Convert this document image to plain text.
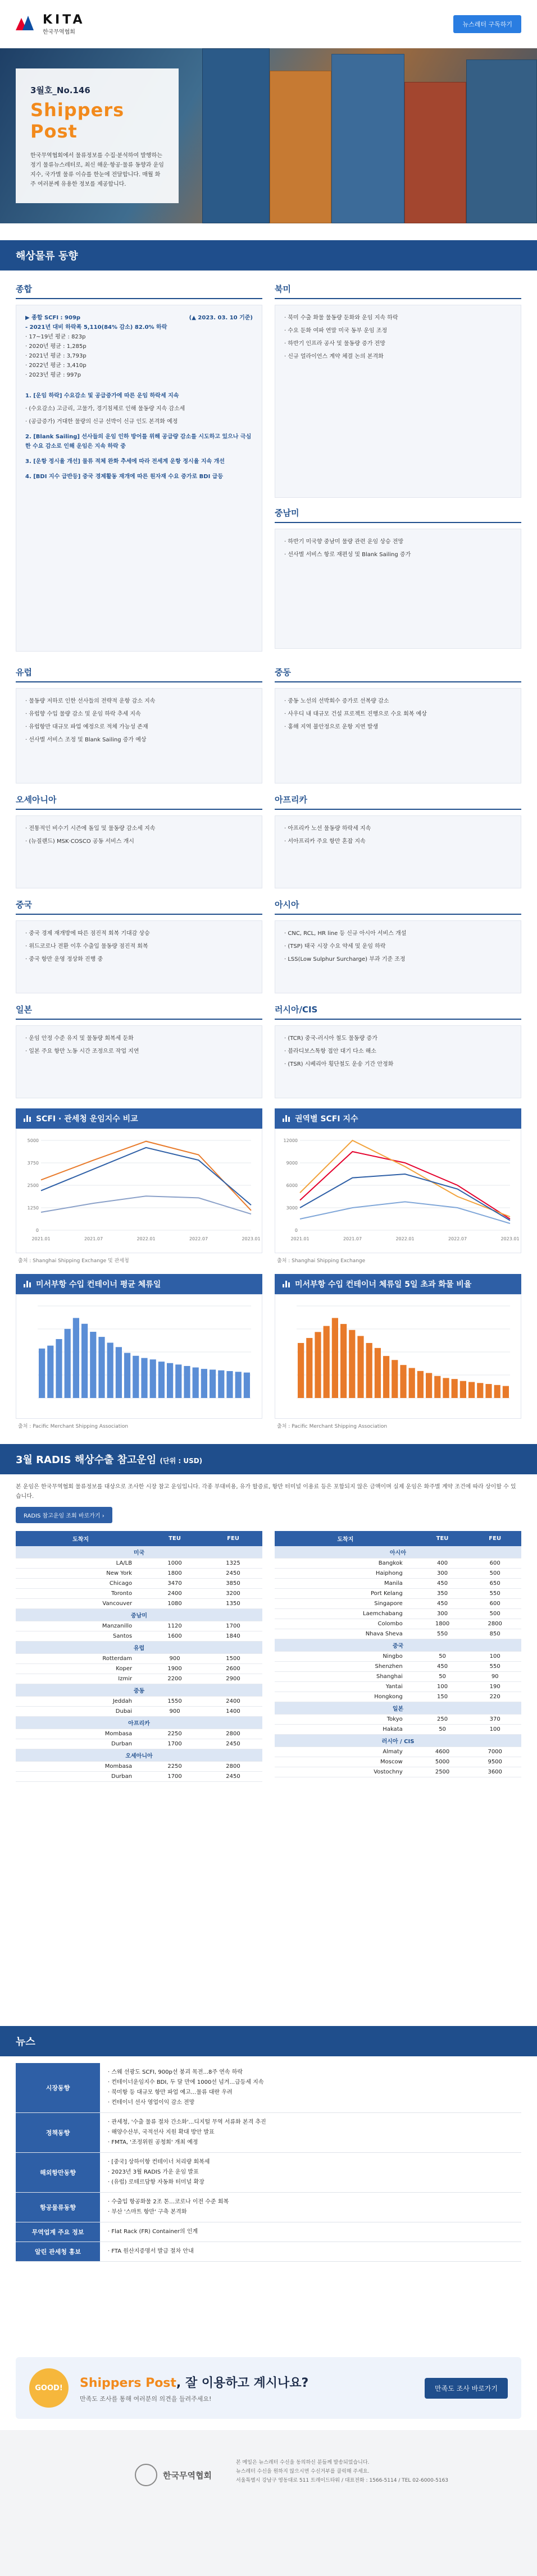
KITA
한국무역협회
뉴스레터 구독하기
3월호_No.146
Shippers Post
한국무역협회에서 물류정보를 수집·분석하여 발행하는 정기 물류뉴스레터로, 최신 해운·항공·물류 동향과 운임 지수, 국가별 물류 이슈를 한눈에 전달합니다. 매월 화주 여러분께 유용한 정보를 제공합니다.
해상물류 동향
종합
▶ 종합 SCFI : 909p	(▲ 2023. 03. 10 기준)
- 2021년 대비 하락폭 5,110(84% 감소) 82.0% 하락
· 17~19년 평균 : 823p
· 2020년 평균 : 1,285p
· 2021년 평균 : 3,793p
· 2022년 평균 : 3,410p
· 2023년 평균 : 997p

1. [운임 하락] 수요감소 및 공급증가에 따른 운임 하락세 지속

· (수요감소) 고금리, 고물가, 경기침체로 인해 물동량 지속 감소세

· (공급증가) 거대한 물량의 신규 선박이 신규 인도 본격화 예정

2. [Blank Sailing] 선사들의 운임 인하 방어를 위해 공급량 감소를 시도하고 있으나 극심한 수요 감소로 인해 운임은 지속 하락 중

3. [운항 정시율 개선] 물류 적체 완화 추세에 따라 전세계 운항 정시율 지속 개선

4. [BDI 지수 급반등] 중국 경제활동 재개에 따른 원자재 수요 증가로 BDI 급등

북미

· 북미 수출 화물 물동량 둔화와 운임 지속 하락

· 수요 둔화 여파 연말 미국 동부 운임 조정

· 하반기 인프라 공사 및 물동량 증가 전망

· 신규 얼라이언스 계약 체결 논의 본격화

중남미

· 하반기 미국향 중남미 물량 관련 운임 상승 전망

· 선사별 서비스 항로 재편성 및 Blank Sailing 증가

유럽

· 물동량 저하로 인한 선사들의 전략적 운항 감소 지속

· 유럽향 수입 물량 감소 및 운임 하락 추세 지속

· 유럽항만 대규모 파업 예정으로 적체 가능성 존재

· 선사별 서비스 조정 및 Blank Sailing 증가 예상

중동

· 중동 노선의 선박회수 증가로 선복량 감소

· 사우디 내 대규모 건설 프로젝트 진행으로 수요 회복 예상

· 홍해 지역 불안정으로 운항 지연 발생

오세아니아

· 전통적인 비수기 시즌에 돌입 및 물동량 감소세 지속

· (뉴질랜드) MSK·COSCO 공동 서비스 개시

아프리카

· 아프리카 노선 물동량 하락세 지속

· 서아프리카 주요 항만 혼잡 지속

중국

· 중국 경제 재개방에 따른 점진적 회복 기대감 상승

· 위드코로나 전환 이후 수출입 물동량 점진적 회복

· 중국 항만 운영 정상화 진행 중

아시아

· CNC, RCL, HR line 등 신규 아시아 서비스 개설

· (TSP) 태국 시장 수요 약세 및 운임 하락

· LSS(Low Sulphur Surcharge) 부과 기준 조정

일본

· 운임 안정 수준 유지 및 물동량 회복세 둔화

· 일본 주요 항만 노동 시간 조정으로 작업 지연

러시아/CIS

· (TCR) 중국-러시아 철도 물동량 증가

· 블라디보스톡항 접안 대기 다소 해소

· (TSR) 시베리아 횡단철도 운송 기간 안정화

SCFI · 관세청 운임지수 비교
5000
3750
2500
1250
0
2021.01	2021.07	2022.01	2022.07	2023.01
출처 : Shanghai Shipping Exchange 및 관세청
권역별 SCFI 지수
12000
9000
6000
3000
0
2021.01	2021.07	2022.01	2022.07	2023.01
출처 : Shanghai Shipping Exchange
미서부항 수입 컨테이너 평균 체류일
출처 : Pacific Merchant Shipping Association
미서부항 수입 컨테이너 체류일 5일 초과 화물 비율
출처 : Pacific Merchant Shipping Association
3월 RADIS 해상수출 참고운임 (단위 : USD)
본 운임은 한국무역협회 물류정보를 대상으로 조사한 시장 참고 운임입니다. 각종 부대비용, 유가 할증료, 항만 터미널 이용료 등은 포함되지 않은 금액이며 실제 운임은 화주별 계약 조건에 따라 상이할 수 있습니다.
RADIS 참고운임 조회 바로가기 ›
도착지	TEU	FEU
미국		
LA/LB	1000	1325
New York	1800	2450
Chicago	3470	3850
Toronto	2400	3200
Vancouver	1080	1350
중남미		
Manzanillo	1120	1700
Santos	1600	1840
유럽		
Rotterdam	900	1500
Koper	1900	2600
Izmir	2200	2900
중동		
Jeddah	1550	2400
Dubai	900	1400
아프리카		
Mombasa	2250	2800
Durban	1700	2450
오세아니아		
Mombasa	2250	2800
Durban	1700	2450
도착지	TEU	FEU
아시아		
Bangkok	400	600
Haiphong	300	500
Manila	450	650
Port Kelang	350	550
Singapore	450	600
Laemchabang	300	500
Colombo	1800	2800
Nhava Sheva	550	850
중국		
Ningbo	50	100
Shenzhen	450	550
Shanghai	50	90
Yantai	100	190
Hongkong	150	220
일본		
Tokyo	250	370
Hakata	50	100
러시아 / CIS		
Almaty	4600	7000
Moscow	5000	9500
Vostochny	2500	3600
뉴스
시장동향
· 스웨 선광도 SCFI, 900p선 붕괴 목전...8주 연속 하락
· 컨테이너운임지수 BDI, 두 달 만에 1000선 넘겨...급등세 지속
· 북미항 등 대규모 항만 파업 예고...물류 대란 우려
· 컨테이너 선사 영업이익 감소 전망
정책동향
· 관세청, '수출 물류 절차 간소화'...디지털 무역 서류화 본격 추진
· 해양수산부, 국적선사 지원 확대 방안 발표
· FMTA, '조정위원 공청회' 개최 예정
해외항만동향
· [중국] 상하이항 컨테이너 처리량 회복세
· 2023년 3월 RADIS 가운 운임 발표
· (유럽) 로테르담항 자동화 터미널 확장
항공물류동향
· 수출입 항공화물 2조 톤...코로나 이전 수준 회복
· 부산 '스마트 항만' 구축 본격화
무역업계 주요 정보	· Flat Rack (FR) Container의 인계
알린 관세청 홍보	· FTA 원산지증명서 발급 절차 안내
GOOD!	Shippers Post, 잘 이용하고 계시나요?
만족도 조사를 통해 여러분의 의견을 들려주세요!
만족도 조사 바로가기
한국무역협회
본 메일은 뉴스레터 수신을 동의하신 분들께 발송되었습니다.
뉴스레터 수신을 원하지 않으시면 수신거부를 클릭해 주세요.
서울특별시 강남구 영동대로 511 트레이드타워 / 대표전화 : 1566-5114 / TEL 02-6000-5163
